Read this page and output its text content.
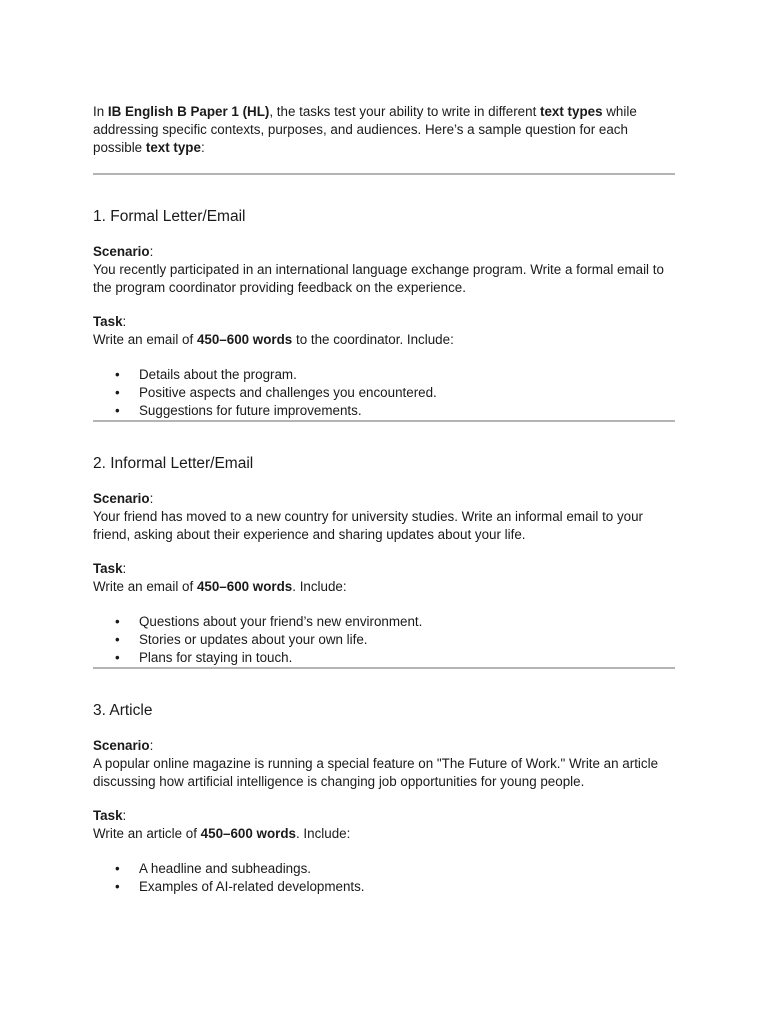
In IB English B Paper 1 (HL), the tasks test your ability to write in different text types while addressing specific contexts, purposes, and audiences. Here’s a sample question for each possible text type:

1. Formal Letter/Email

Scenario:

You recently participated in an international language exchange program. Write a formal email to the program coordinator providing feedback on the experience.

Task:

Write an email of 450–600 words to the coordinator. Include:

• Details about the program.
• Positive aspects and challenges you encountered.
• Suggestions for future improvements.
2. Informal Letter/Email

Scenario:

Your friend has moved to a new country for university studies. Write an informal email to your friend, asking about their experience and sharing updates about your life.

Task:

Write an email of 450–600 words. Include:

• Questions about your friend’s new environment.
• Stories or updates about your own life.
• Plans for staying in touch.
3. Article

Scenario:

A popular online magazine is running a special feature on "The Future of Work." Write an article discussing how artificial intelligence is changing job opportunities for young people.

Task:

Write an article of 450–600 words. Include:

• A headline and subheadings.
• Examples of AI-related developments.
